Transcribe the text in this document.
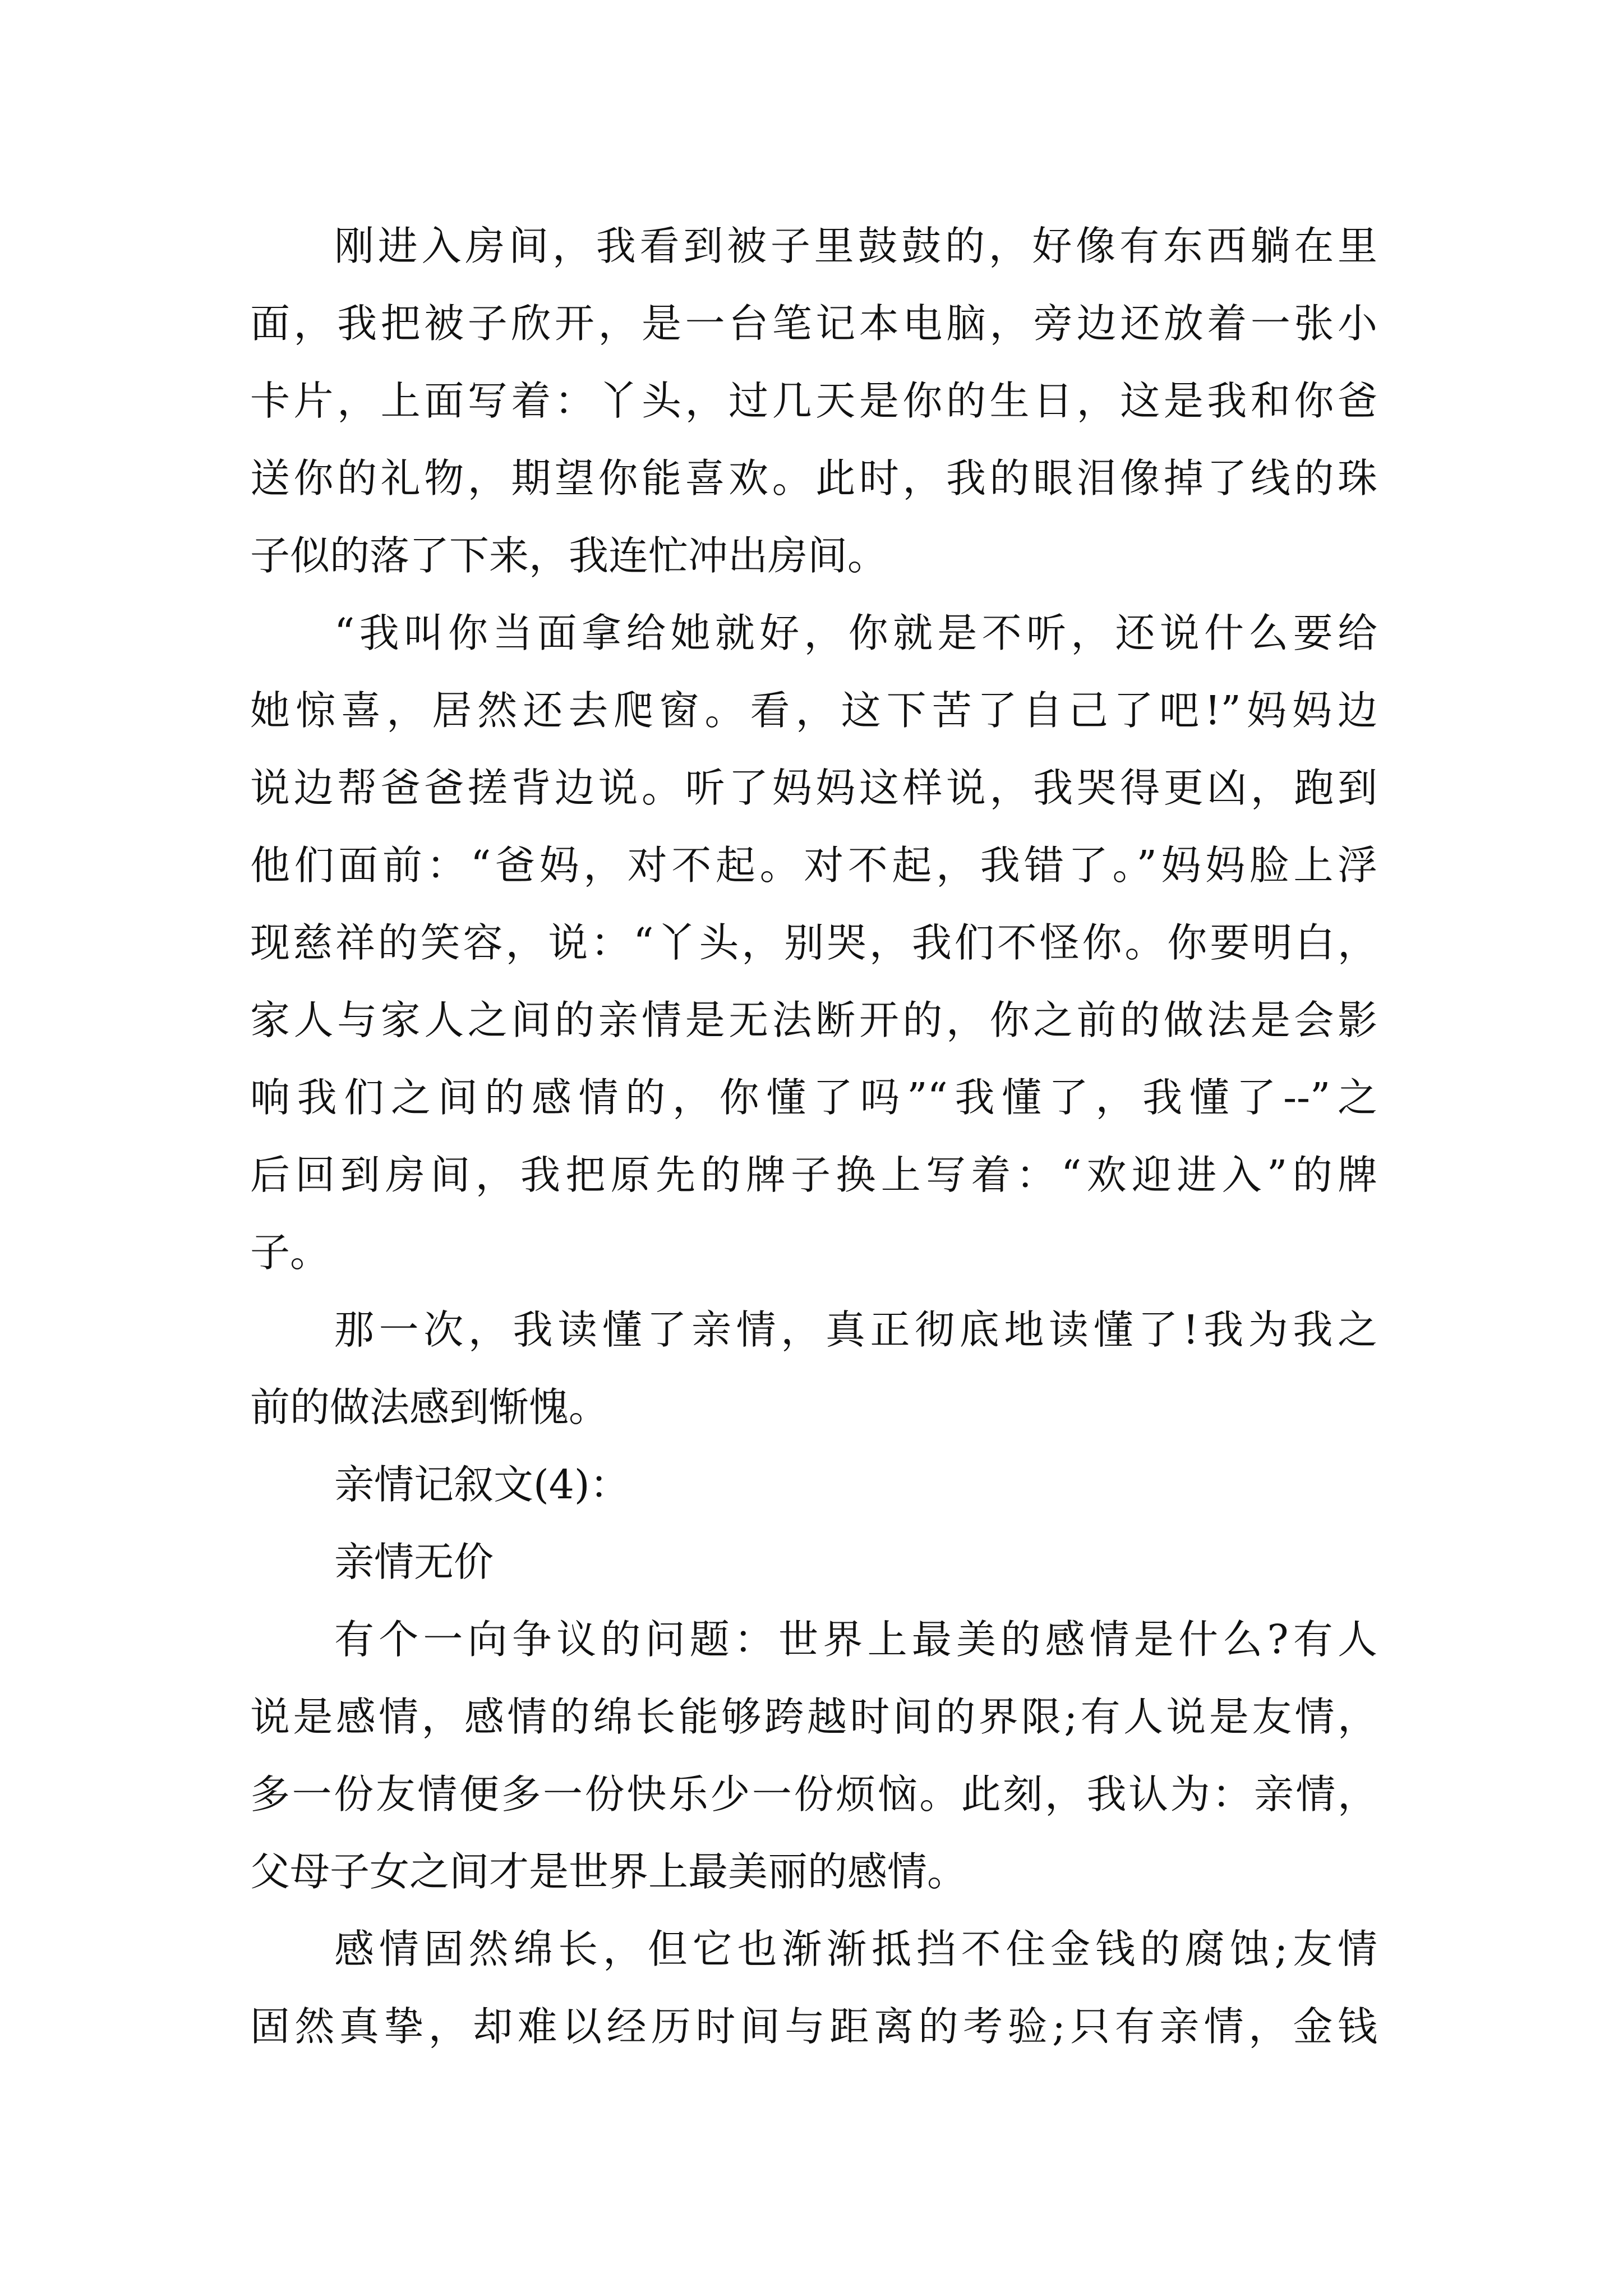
刚进入房间，我看到被子里鼓鼓的，好像有东西躺在里
面，我把被子欣开，是一台笔记本电脑，旁边还放着一张小
卡片，上面写着：丫头，过几天是你的生日，这是我和你爸
送你的礼物，期望你能喜欢。此时，我的眼泪像掉了线的珠
子似的落了下来，我连忙冲出房间。
“我叫你当面拿给她就好，你就是不听，还说什么要给
她惊喜，居然还去爬窗。看，这下苦了自己了吧!”妈妈边
说边帮爸爸搓背边说。听了妈妈这样说，我哭得更凶，跑到
他们面前：“爸妈，对不起。对不起，我错了。”妈妈脸上浮
现慈祥的笑容，说：“丫头，别哭，我们不怪你。你要明白，
家人与家人之间的亲情是无法断开的，你之前的做法是会影
响我们之间的感情的，你懂了吗”“我懂了，我懂了--”之
后回到房间，我把原先的牌子换上写着：“欢迎进入”的牌
子。
那一次，我读懂了亲情，真正彻底地读懂了!我为我之
前的做法感到惭愧。
亲情记叙文(4)：
亲情无价
有个一向争议的问题：世界上最美的感情是什么?有人
说是感情，感情的绵长能够跨越时间的界限;有人说是友情，
多一份友情便多一份快乐少一份烦恼。此刻，我认为：亲情，
父母子女之间才是世界上最美丽的感情。
感情固然绵长，但它也渐渐抵挡不住金钱的腐蚀;友情
固然真挚，却难以经历时间与距离的考验;只有亲情，金钱
